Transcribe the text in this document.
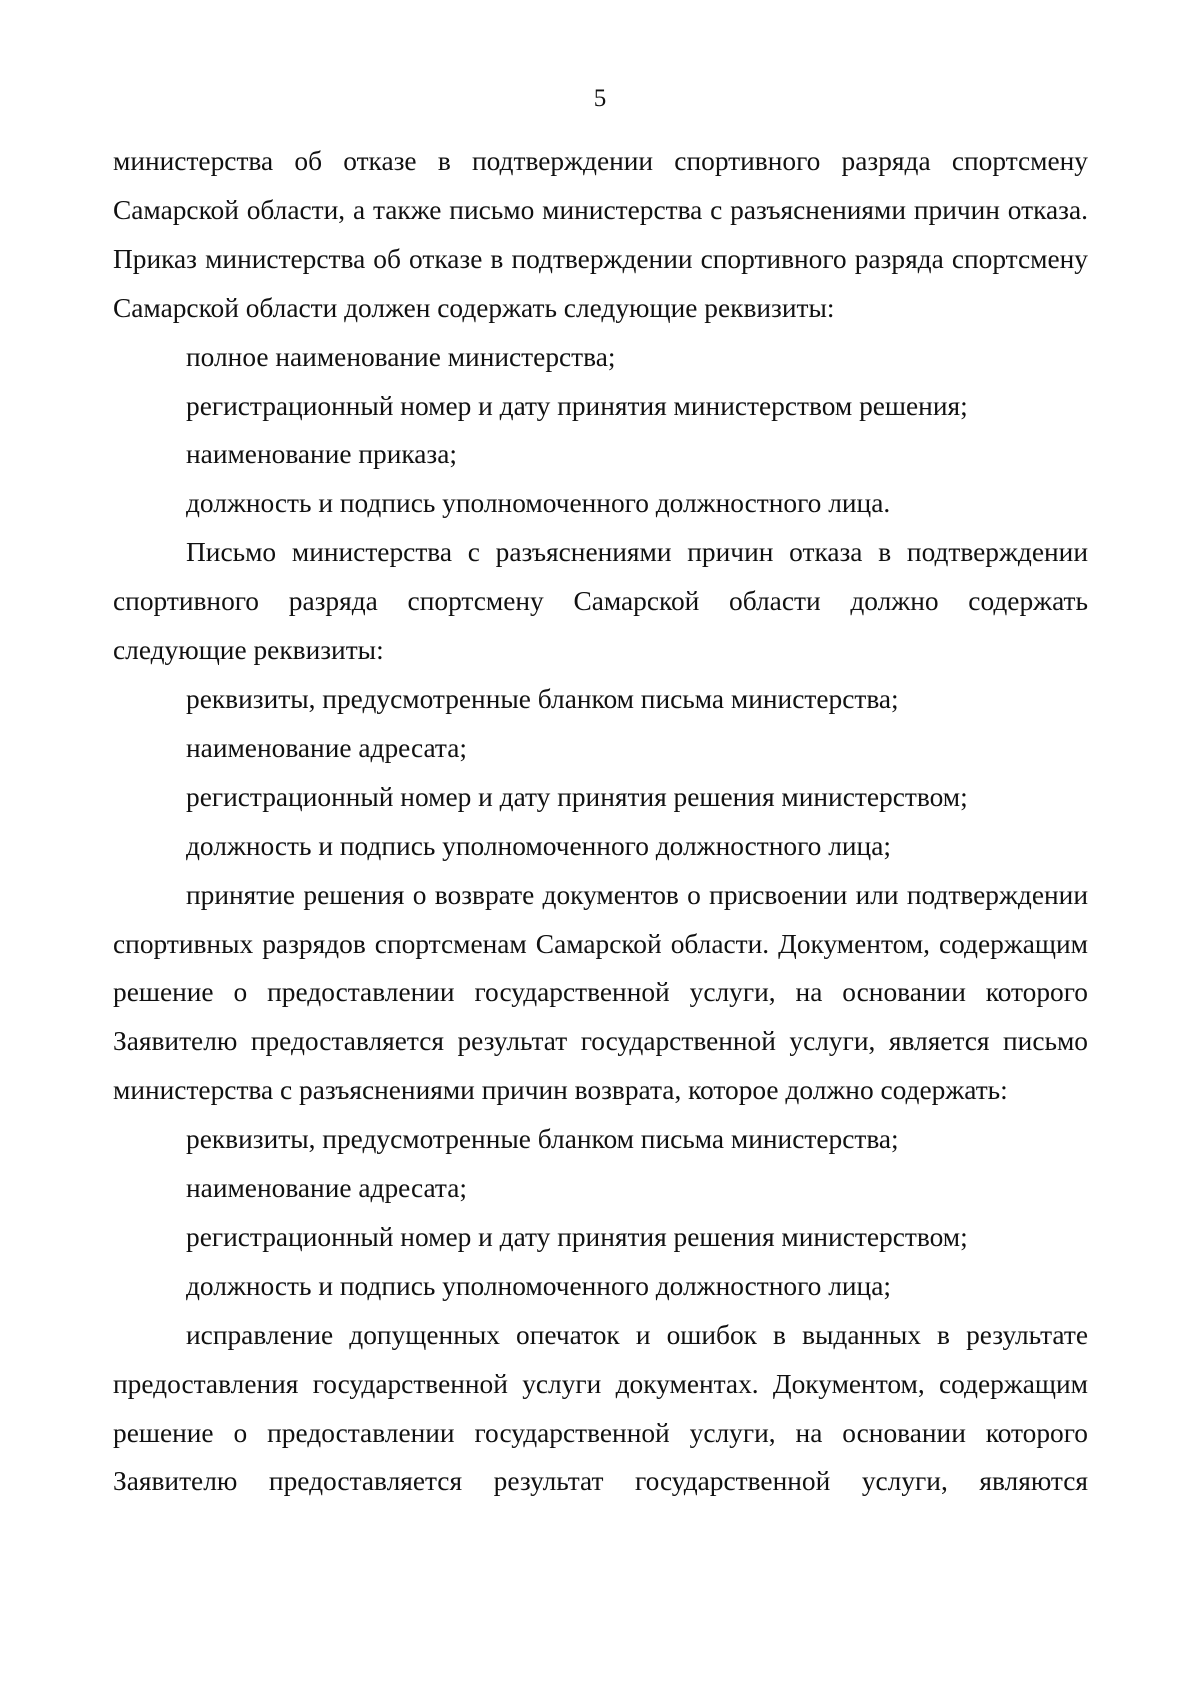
5

министерства об отказе в подтверждении спортивного разряда спортсмену Самарской области, а также письмо министерства с разъяснениями причин отказа. Приказ министерства об отказе в подтверждении спортивного разряда спортсмену Самарской области должен содержать следующие реквизиты:

полное наименование министерства;

регистрационный номер и дату принятия министерством решения;

наименование приказа;

должность и подпись уполномоченного должностного лица.

Письмо министерства с разъяснениями причин отказа в подтверждении спортивного разряда спортсмену Самарской области должно содержать следующие реквизиты:

реквизиты, предусмотренные бланком письма министерства;

наименование адресата;

регистрационный номер и дату принятия решения министерством;

должность и подпись уполномоченного должностного лица;

принятие решения о возврате документов о присвоении или подтверждении спортивных разрядов спортсменам Самарской области. Документом, содержащим решение о предоставлении государственной услуги, на основании которого Заявителю предоставляется результат государственной услуги, является письмо министерства с разъяснениями причин возврата, которое должно содержать:

реквизиты, предусмотренные бланком письма министерства;

наименование адресата;

регистрационный номер и дату принятия решения министерством;

должность и подпись уполномоченного должностного лица;

исправление допущенных опечаток и ошибок в выданных в результате предоставления государственной услуги документах. Документом, содержащим решение о предоставлении государственной услуги, на основании которого Заявителю предоставляется результат государственной услуги, являются
